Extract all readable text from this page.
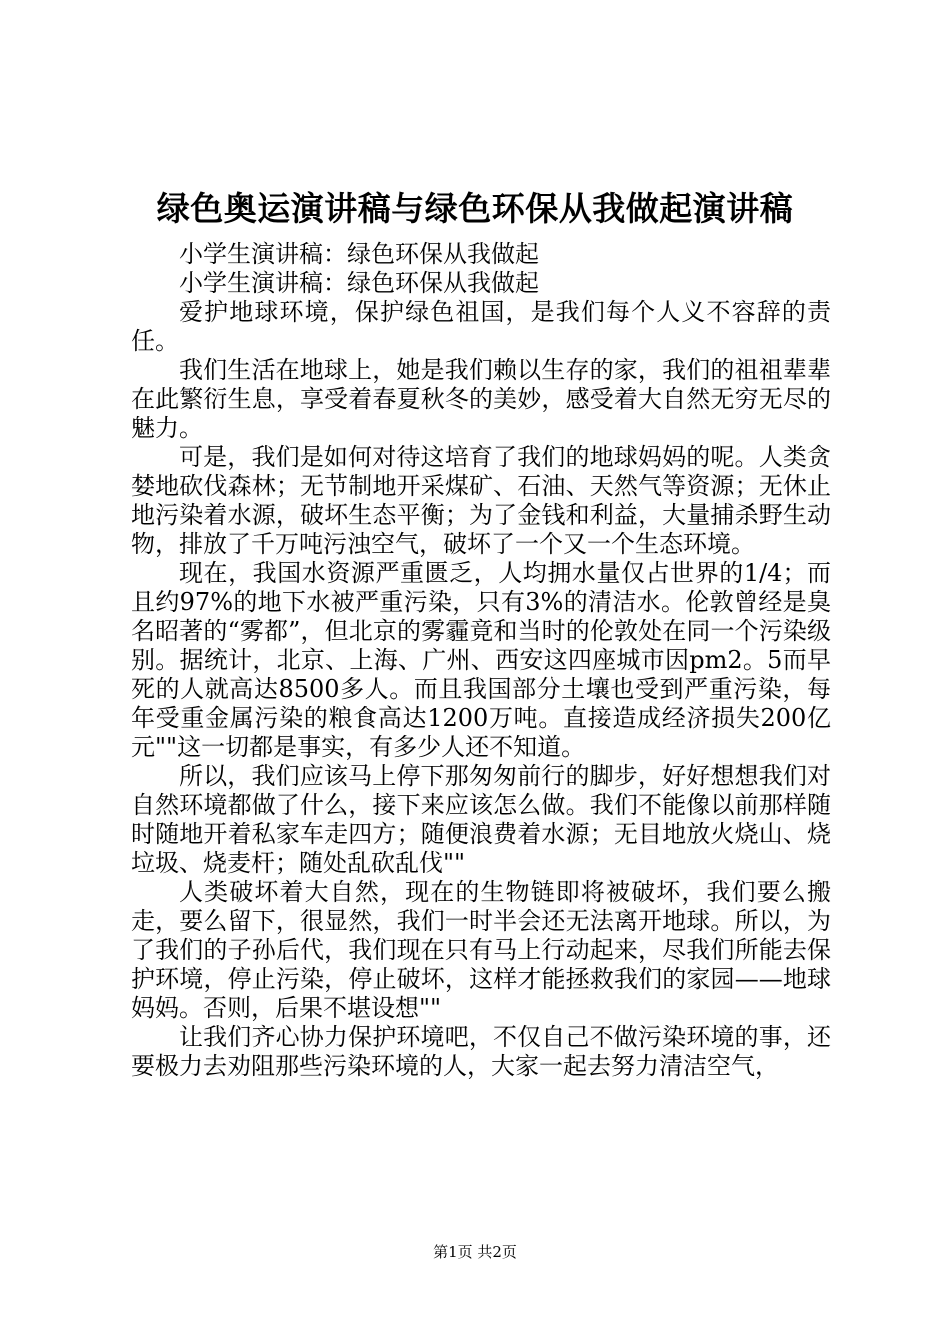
绿色奥运演讲稿与绿色环保从我做起演讲稿

小学生演讲稿：绿色环保从我做起

小学生演讲稿：绿色环保从我做起

爱护地球环境，保护绿色祖国，是我们每个人义不容辞的责任。

我们生活在地球上，她是我们赖以生存的家，我们的祖祖辈辈在此繁衍生息，享受着春夏秋冬的美妙，感受着大自然无穷无尽的魅力。

可是，我们是如何对待这培育了我们的地球妈妈的呢。人类贪婪地砍伐森林；无节制地开采煤矿、石油、天然气等资源；无休止地污染着水源，破坏生态平衡；为了金钱和利益，大量捕杀野生动物，排放了千万吨污浊空气，破坏了一个又一个生态环境。

现在，我国水资源严重匮乏，人均拥水量仅占世界的1/4；而且约97%的地下水被严重污染，只有3%的清洁水。伦敦曾经是臭名昭著的“雾都”，但北京的雾霾竟和当时的伦敦处在同一个污染级别。据统计，北京、上海、广州、西安这四座城市因pm2。5而早死的人就高达8500多人。而且我国部分土壤也受到严重污染，每年受重金属污染的粮食高达1200万吨。直接造成经济损失200亿元""这一切都是事实，有多少人还不知道。

所以，我们应该马上停下那匆匆前行的脚步，好好想想我们对自然环境都做了什么，接下来应该怎么做。我们不能像以前那样随时随地开着私家车走四方；随便浪费着水源；无目地放火烧山、烧垃圾、烧麦杆；随处乱砍乱伐""

人类破坏着大自然，现在的生物链即将被破坏，我们要么搬走，要么留下，很显然，我们一时半会还无法离开地球。所以，为了我们的子孙后代，我们现在只有马上行动起来，尽我们所能去保护环境，停止污染，停止破坏，这样才能拯救我们的家园——地球妈妈。否则，后果不堪设想""

让我们齐心协力保护环境吧，不仅自己不做污染环境的事，还要极力去劝阻那些污染环境的人，大家一起去努力清洁空气，

第1页 共2页
